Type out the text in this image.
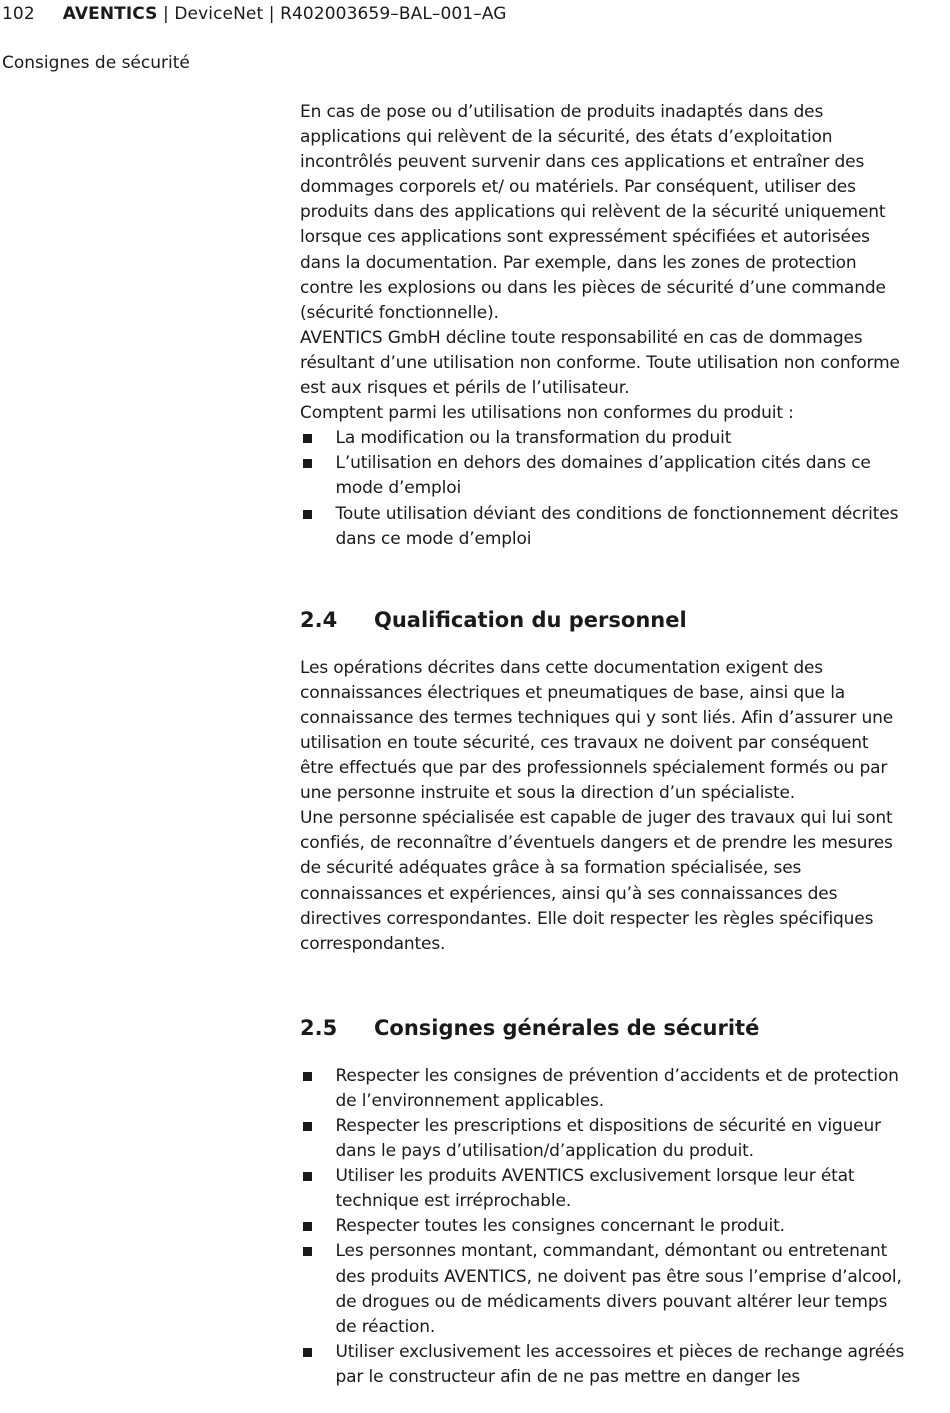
102 AVENTICS | DeviceNet | R402003659–BAL–001–AG
Consignes de sécurité

En cas de pose ou d’utilisation de produits inadaptés dans des applications qui relèvent de la sécurité, des états d’exploitation incontrôlés peuvent survenir dans ces applications et entraîner des dommages corporels et/ ou matériels. Par conséquent, utiliser des produits dans des applications qui relèvent de la sécurité uniquement lorsque ces applications sont expressément spécifiées et autorisées dans la documentation. Par exemple, dans les zones de protection contre les explosions ou dans les pièces de sécurité d’une commande (sécurité fonctionnelle).

AVENTICS GmbH décline toute responsabilité en cas de dommages résultant d’une utilisation non conforme. Toute utilisation non conforme est aux risques et périls de l’utilisateur.

Comptent parmi les utilisations non conformes du produit :

La modification ou la transformation du produit
L’utilisation en dehors des domaines d’application cités dans ce mode d’emploi
Toute utilisation déviant des conditions de fonctionnement décrites dans ce mode d’emploi
2.4 Qualification du personnel

Les opérations décrites dans cette documentation exigent des connaissances électriques et pneumatiques de base, ainsi que la connaissance des termes techniques qui y sont liés. Afin d’assurer une utilisation en toute sécurité, ces travaux ne doivent par conséquent être effectués que par des professionnels spécialement formés ou par une personne instruite et sous la direction d’un spécialiste.

Une personne spécialisée est capable de juger des travaux qui lui sont confiés, de reconnaître d’éventuels dangers et de prendre les mesures de sécurité adéquates grâce à sa formation spécialisée, ses connaissances et expériences, ainsi qu’à ses connaissances des directives correspondantes. Elle doit respecter les règles spécifiques correspondantes.

2.5 Consignes générales de sécurité
Respecter les consignes de prévention d’accidents et de protection de l’environnement applicables.
Respecter les prescriptions et dispositions de sécurité en vigueur dans le pays d’utilisation/d’application du produit.
Utiliser les produits AVENTICS exclusivement lorsque leur état technique est irréprochable.
Respecter toutes les consignes concernant le produit.
Les personnes montant, commandant, démontant ou entretenant des produits AVENTICS, ne doivent pas être sous l’emprise d’alcool, de drogues ou de médicaments divers pouvant altérer leur temps de réaction.
Utiliser exclusivement les accessoires et pièces de rechange agréés par le constructeur afin de ne pas mettre en danger les
